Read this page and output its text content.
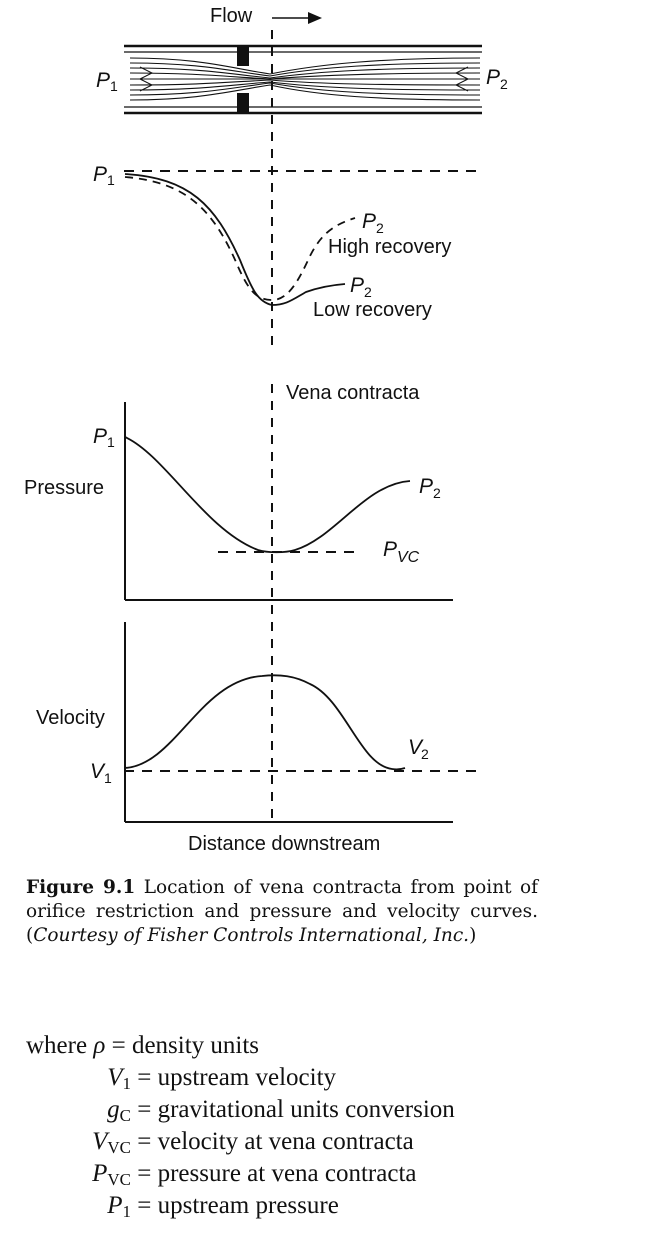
Flow
P 1	P 2
P 1
P 2
High recovery
P 2
Low recovery
Vena contracta
P 1
Pressure	P 2
P VC
Velocity
V 1
V
2
Distance downstream

Figure 9.1 Location of vena contracta from point of orifice restriction and pressure and velocity curves. (Courtesy of Fisher Controls International, Inc.)

where ρ = density units
$V_1$ = upstream velocity
$g_C$ = gravitational units conversion
$V_{VC}$ = velocity at vena contracta
$P_{VC}$ = pressure at vena contracta
$P_1$ = upstream pressure
